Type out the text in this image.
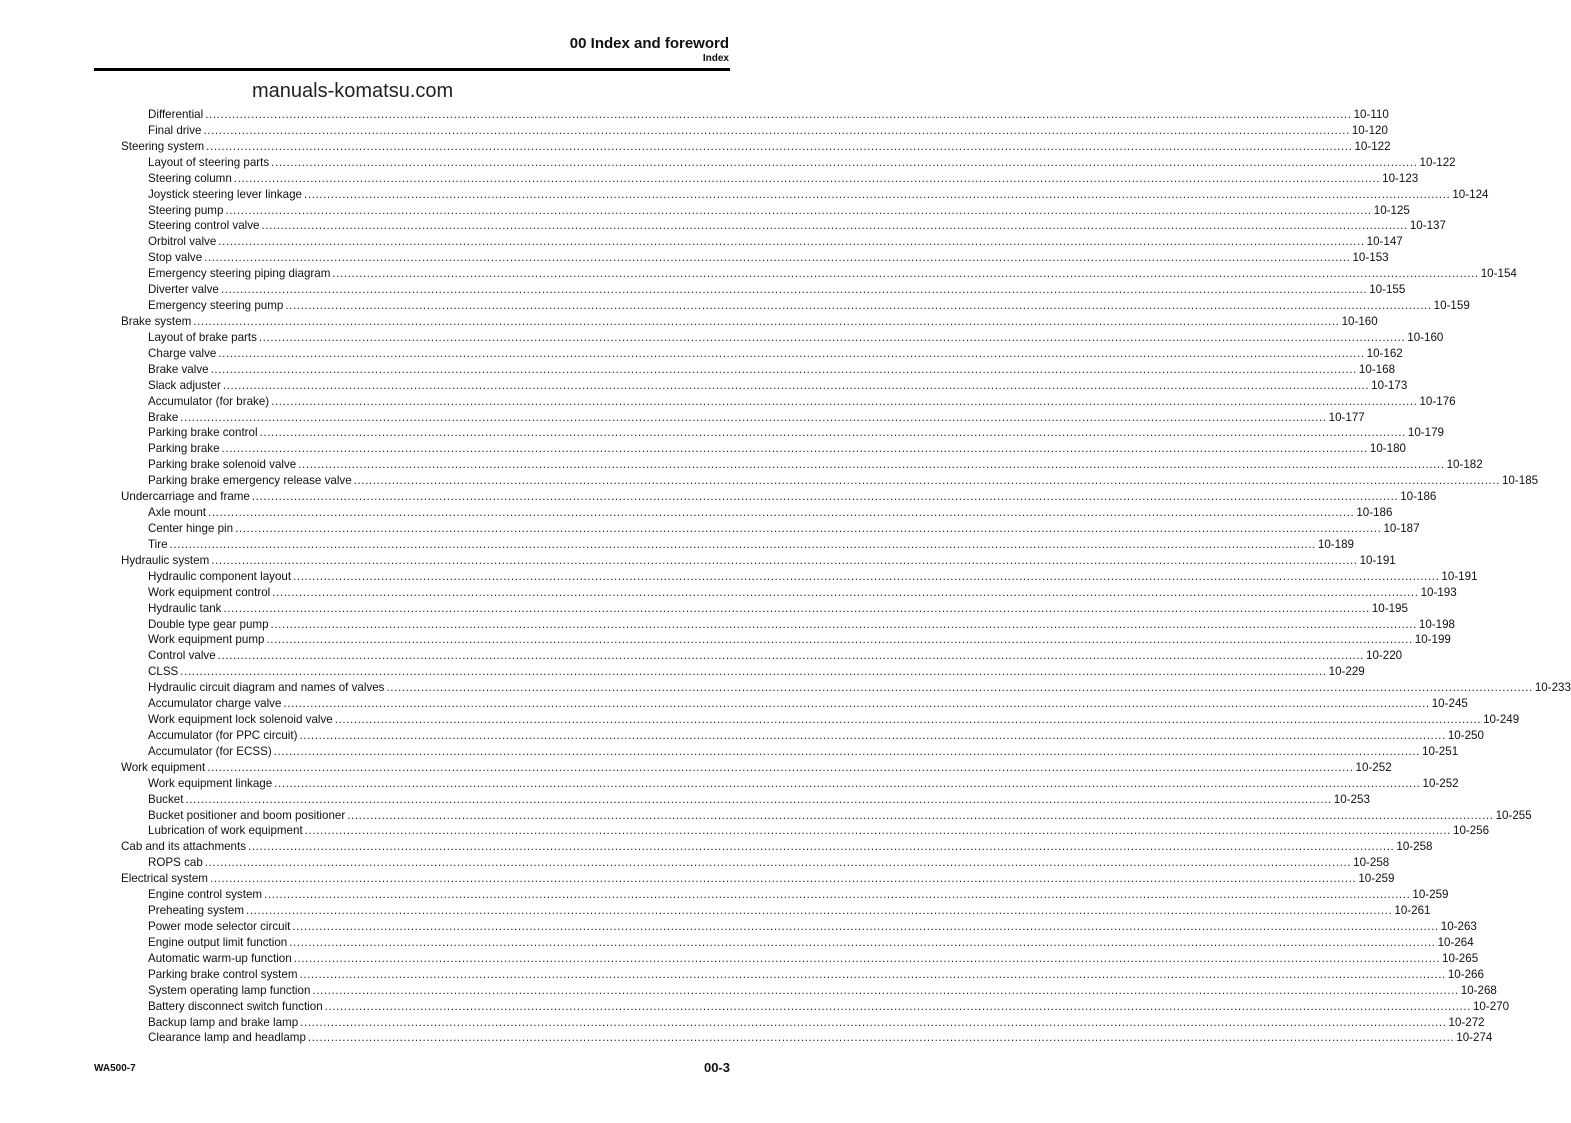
00 Index and foreword
Index
manuals-komatsu.com
Differential ............................................................................................................................................................................................................................................................................................................ 10-110
Final drive ............................................................................................................................................................................................................................................................................................................ 10-120
Steering system ............................................................................................................................................................................................................................................................................................................ 10-122
Layout of steering parts ............................................................................................................................................................................................................................................................................................................ 10-122
Steering column ............................................................................................................................................................................................................................................................................................................ 10-123
Joystick steering lever linkage ............................................................................................................................................................................................................................................................................................................ 10-124
Steering pump ............................................................................................................................................................................................................................................................................................................ 10-125
Steering control valve ............................................................................................................................................................................................................................................................................................................ 10-137
Orbitrol valve ............................................................................................................................................................................................................................................................................................................ 10-147
Stop valve ............................................................................................................................................................................................................................................................................................................ 10-153
Emergency steering piping diagram ............................................................................................................................................................................................................................................................................................................ 10-154
Diverter valve ............................................................................................................................................................................................................................................................................................................ 10-155
Emergency steering pump ............................................................................................................................................................................................................................................................................................................ 10-159
Brake system ............................................................................................................................................................................................................................................................................................................ 10-160
Layout of brake parts ............................................................................................................................................................................................................................................................................................................ 10-160
Charge valve ............................................................................................................................................................................................................................................................................................................ 10-162
Brake valve ............................................................................................................................................................................................................................................................................................................ 10-168
Slack adjuster ............................................................................................................................................................................................................................................................................................................ 10-173
Accumulator (for brake) ............................................................................................................................................................................................................................................................................................................ 10-176
Brake ............................................................................................................................................................................................................................................................................................................ 10-177
Parking brake control ............................................................................................................................................................................................................................................................................................................ 10-179
Parking brake ............................................................................................................................................................................................................................................................................................................ 10-180
Parking brake solenoid valve ............................................................................................................................................................................................................................................................................................................ 10-182
Parking brake emergency release valve ............................................................................................................................................................................................................................................................................................................ 10-185
Undercarriage and frame ............................................................................................................................................................................................................................................................................................................ 10-186
Axle mount ............................................................................................................................................................................................................................................................................................................ 10-186
Center hinge pin ............................................................................................................................................................................................................................................................................................................ 10-187
Tire ............................................................................................................................................................................................................................................................................................................ 10-189
Hydraulic system ............................................................................................................................................................................................................................................................................................................ 10-191
Hydraulic component layout ............................................................................................................................................................................................................................................................................................................ 10-191
Work equipment control ............................................................................................................................................................................................................................................................................................................ 10-193
Hydraulic tank ............................................................................................................................................................................................................................................................................................................ 10-195
Double type gear pump ............................................................................................................................................................................................................................................................................................................ 10-198
Work equipment pump ............................................................................................................................................................................................................................................................................................................ 10-199
Control valve ............................................................................................................................................................................................................................................................................................................ 10-220
CLSS ............................................................................................................................................................................................................................................................................................................ 10-229
Hydraulic circuit diagram and names of valves ............................................................................................................................................................................................................................................................................................................ 10-233
Accumulator charge valve ............................................................................................................................................................................................................................................................................................................ 10-245
Work equipment lock solenoid valve ............................................................................................................................................................................................................................................................................................................ 10-249
Accumulator (for PPC circuit) ............................................................................................................................................................................................................................................................................................................ 10-250
Accumulator (for ECSS) ............................................................................................................................................................................................................................................................................................................ 10-251
Work equipment ............................................................................................................................................................................................................................................................................................................ 10-252
Work equipment linkage ............................................................................................................................................................................................................................................................................................................ 10-252
Bucket ............................................................................................................................................................................................................................................................................................................ 10-253
Bucket positioner and boom positioner ............................................................................................................................................................................................................................................................................................................ 10-255
Lubrication of work equipment ............................................................................................................................................................................................................................................................................................................ 10-256
Cab and its attachments ............................................................................................................................................................................................................................................................................................................ 10-258
ROPS cab ............................................................................................................................................................................................................................................................................................................ 10-258
Electrical system ............................................................................................................................................................................................................................................................................................................ 10-259
Engine control system ............................................................................................................................................................................................................................................................................................................ 10-259
Preheating system ............................................................................................................................................................................................................................................................................................................ 10-261
Power mode selector circuit ............................................................................................................................................................................................................................................................................................................ 10-263
Engine output limit function ............................................................................................................................................................................................................................................................................................................ 10-264
Automatic warm-up function ............................................................................................................................................................................................................................................................................................................ 10-265
Parking brake control system ............................................................................................................................................................................................................................................................................................................ 10-266
System operating lamp function ............................................................................................................................................................................................................................................................................................................ 10-268
Battery disconnect switch function ............................................................................................................................................................................................................................................................................................................ 10-270
Backup lamp and brake lamp ............................................................................................................................................................................................................................................................................................................ 10-272
Clearance lamp and headlamp ............................................................................................................................................................................................................................................................................................................ 10-274
WA500-7	00-3
